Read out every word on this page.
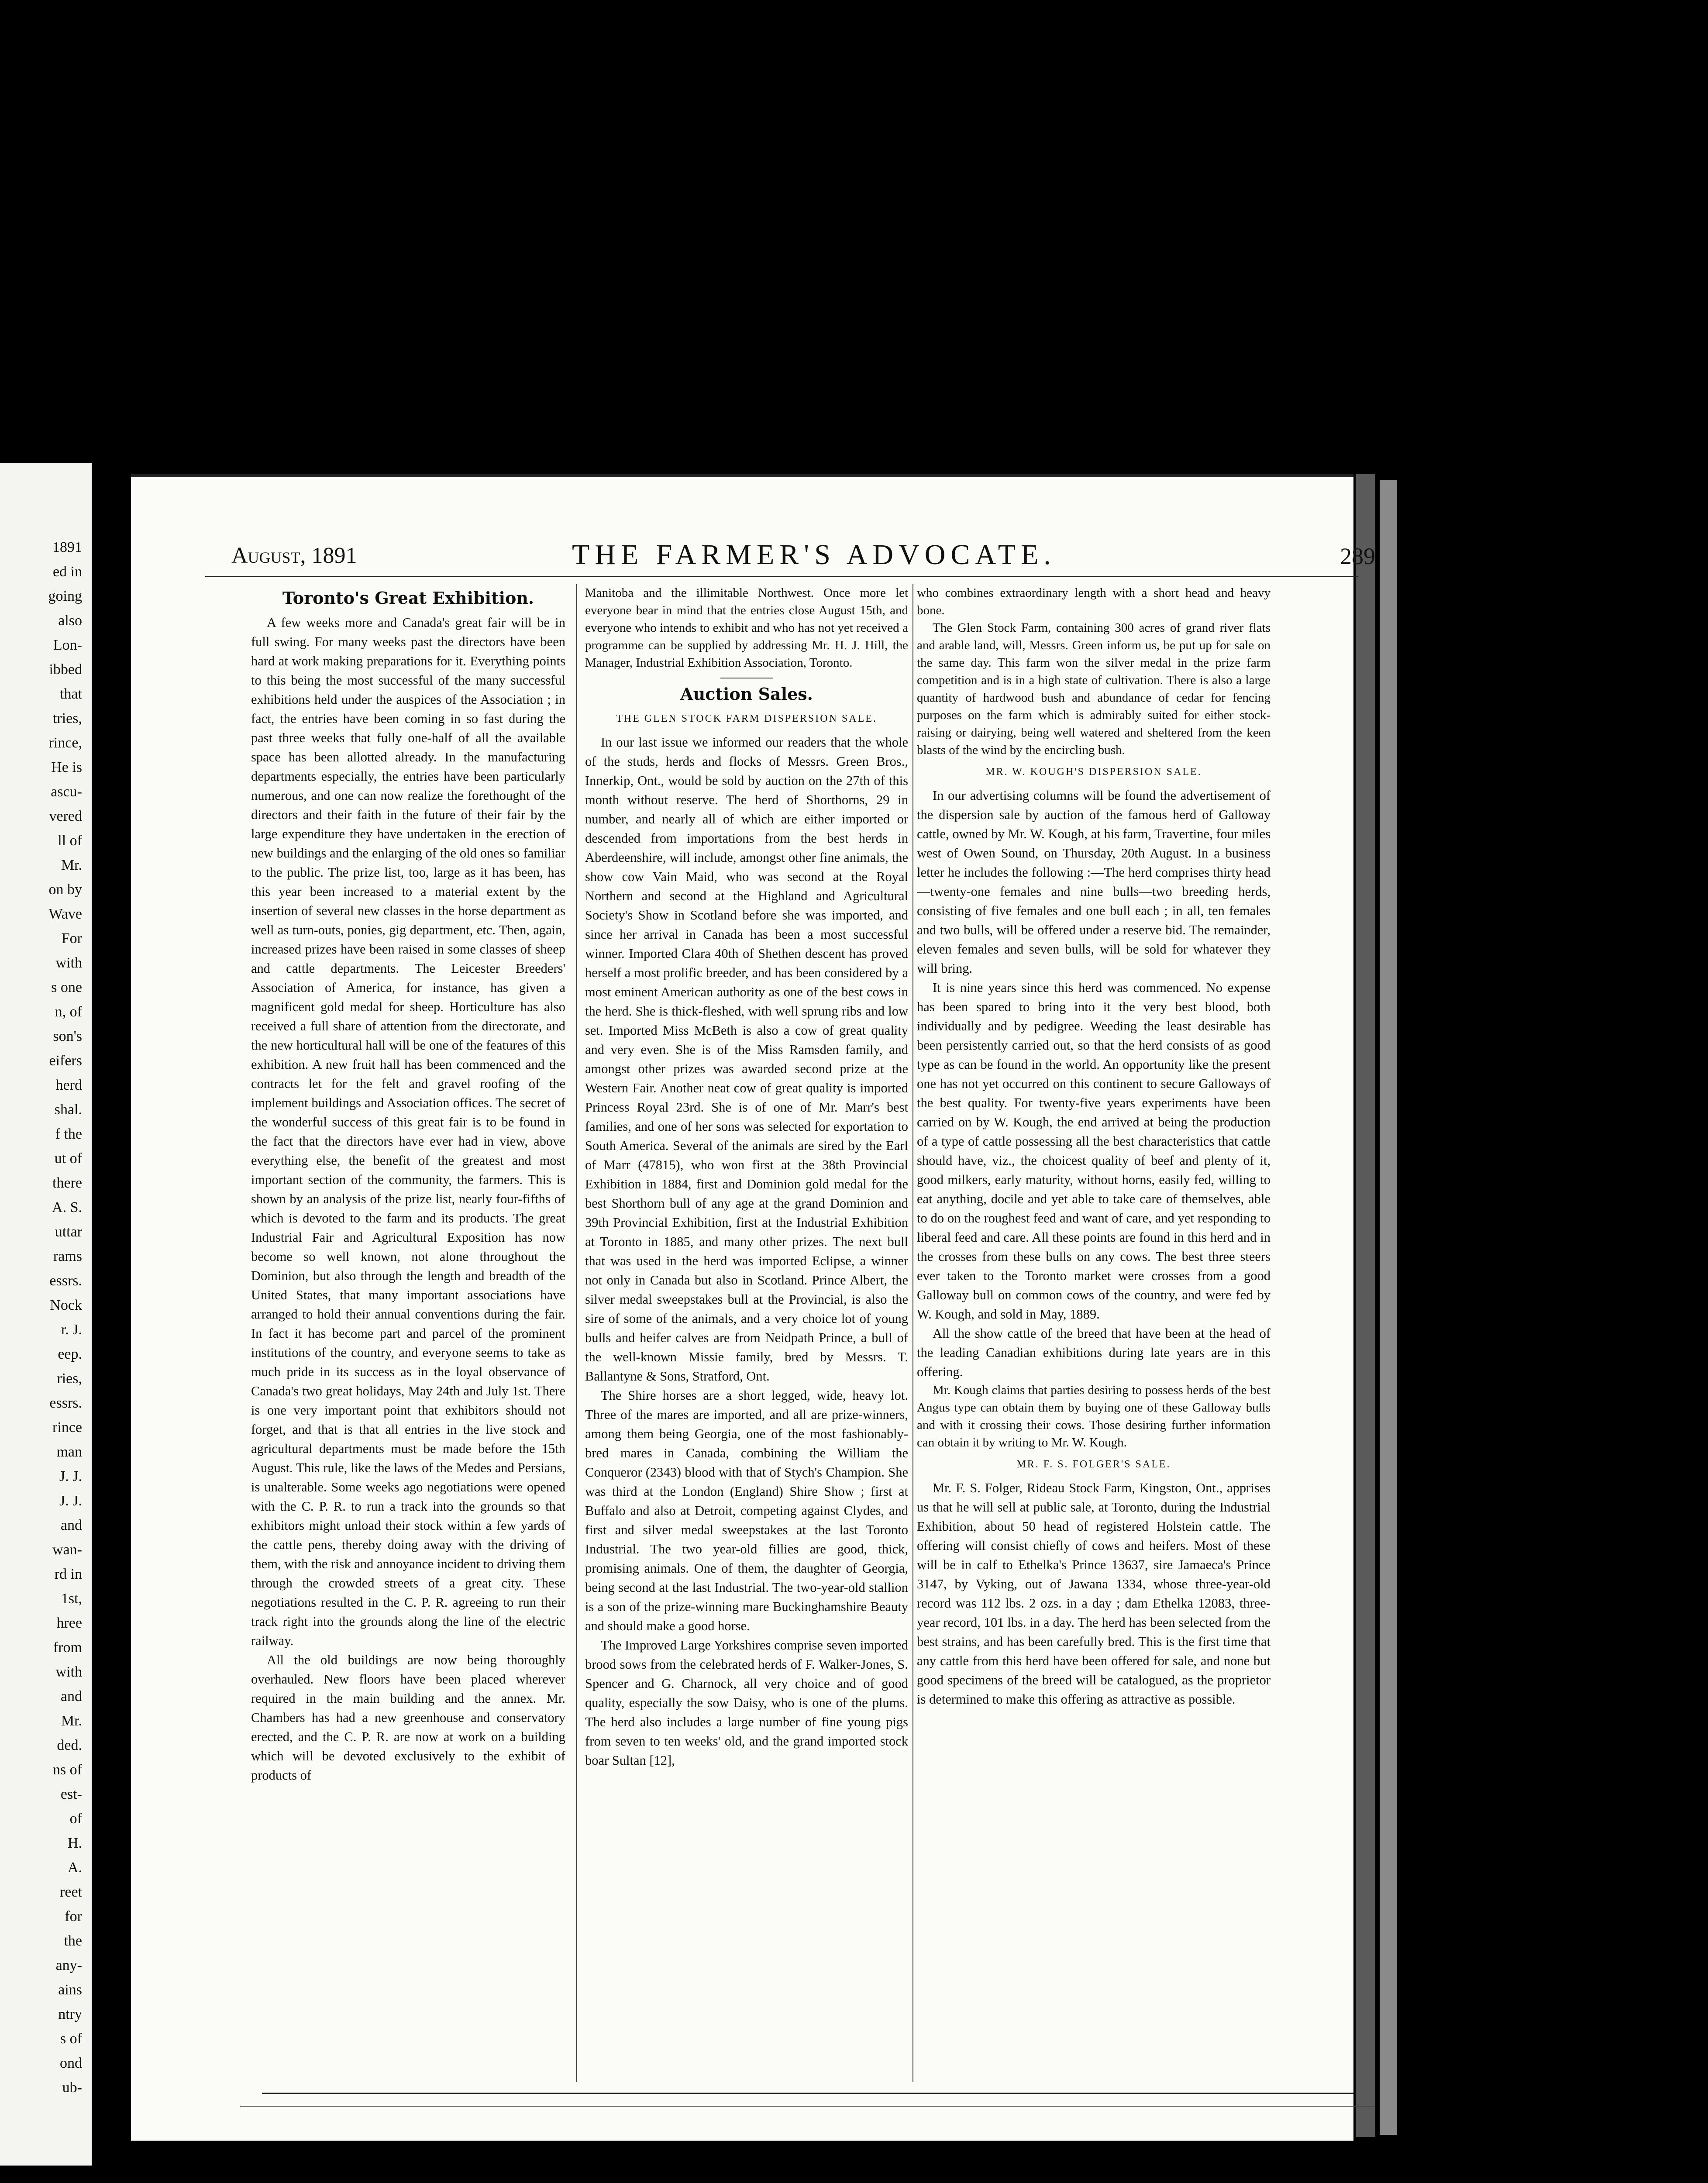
1891
ed in
going
also
Lon-
ibbed
that
tries,
rince,
He is
ascu-
vered
ll of
Mr.
on by
Wave
For
with
s one
n, of
son's
eifers
herd
shal.
f the
ut of
there
A. S.
uttar
rams
essrs.
Nock
r. J.
eep.
ries,
essrs.
rince
man
J. J.
J. J.
and
wan-
rd in
1st,
hree
from
with
and
Mr.
ded.
ns of
est-
of
H.
A.
reet
for
the
any-
ains
ntry
s of
ond
ub-
August, 1891	THE FARMER'S ADVOCATE.	289
Toronto's Great Exhibition.

A few weeks more and Canada's great fair will be in full swing. For many weeks past the directors have been hard at work making preparations for it. Everything points to this being the most successful of the many successful exhibitions held under the auspices of the Association ; in fact, the entries have been coming in so fast during the past three weeks that fully one-half of all the available space has been allotted already. In the manufacturing departments especially, the entries have been particularly numerous, and one can now realize the forethought of the directors and their faith in the future of their fair by the large expenditure they have undertaken in the erection of new buildings and the enlarging of the old ones so familiar to the public. The prize list, too, large as it has been, has this year been increased to a material extent by the insertion of several new classes in the horse department as well as turn-outs, ponies, gig department, etc. Then, again, increased prizes have been raised in some classes of sheep and cattle departments. The Leicester Breeders' Association of America, for instance, has given a magnificent gold medal for sheep. Horticulture has also received a full share of attention from the directorate, and the new horticultural hall will be one of the features of this exhibition. A new fruit hall has been commenced and the contracts let for the felt and gravel roofing of the implement buildings and Association offices. The secret of the wonderful success of this great fair is to be found in the fact that the directors have ever had in view, above everything else, the benefit of the greatest and most important section of the community, the farmers. This is shown by an analysis of the prize list, nearly four-fifths of which is devoted to the farm and its products. The great Industrial Fair and Agricultural Exposition has now become so well known, not alone throughout the Dominion, but also through the length and breadth of the United States, that many important associations have arranged to hold their annual conventions during the fair. In fact it has become part and parcel of the prominent institutions of the country, and everyone seems to take as much pride in its success as in the loyal observance of Canada's two great holidays, May 24th and July 1st. There is one very important point that exhibitors should not forget, and that is that all entries in the live stock and agricultural departments must be made before the 15th August. This rule, like the laws of the Medes and Persians, is unalterable. Some weeks ago negotiations were opened with the C. P. R. to run a track into the grounds so that exhibitors might unload their stock within a few yards of the cattle pens, thereby doing away with the driving of them, with the risk and annoyance incident to driving them through the crowded streets of a great city. These negotiations resulted in the C. P. R. agreeing to run their track right into the grounds along the line of the electric railway.

All the old buildings are now being thoroughly overhauled. New floors have been placed wherever required in the main building and the annex. Mr. Chambers has had a new greenhouse and conservatory erected, and the C. P. R. are now at work on a building which will be devoted exclusively to the exhibit of products of

Manitoba and the illimitable Northwest. Once more let everyone bear in mind that the entries close August 15th, and everyone who intends to exhibit and who has not yet received a programme can be supplied by addressing Mr. H. J. Hill, the Manager, Industrial Exhibition Association, Toronto.

Auction Sales.
THE GLEN STOCK FARM DISPERSION SALE.

In our last issue we informed our readers that the whole of the studs, herds and flocks of Messrs. Green Bros., Innerkip, Ont., would be sold by auction on the 27th of this month without reserve. The herd of Shorthorns, 29 in number, and nearly all of which are either imported or descended from importations from the best herds in Aberdeenshire, will include, amongst other fine animals, the show cow Vain Maid, who was second at the Royal Northern and second at the Highland and Agricultural Society's Show in Scotland before she was imported, and since her arrival in Canada has been a most successful winner. Imported Clara 40th of Shethen descent has proved herself a most prolific breeder, and has been considered by a most eminent American authority as one of the best cows in the herd. She is thick-fleshed, with well sprung ribs and low set. Imported Miss McBeth is also a cow of great quality and very even. She is of the Miss Ramsden family, and amongst other prizes was awarded second prize at the Western Fair. Another neat cow of great quality is imported Princess Royal 23rd. She is of one of Mr. Marr's best families, and one of her sons was selected for exportation to South America. Several of the animals are sired by the Earl of Marr (47815), who won first at the 38th Provincial Exhibition in 1884, first and Dominion gold medal for the best Shorthorn bull of any age at the grand Dominion and 39th Provincial Exhibition, first at the Industrial Exhibition at Toronto in 1885, and many other prizes. The next bull that was used in the herd was imported Eclipse, a winner not only in Canada but also in Scotland. Prince Albert, the silver medal sweepstakes bull at the Provincial, is also the sire of some of the animals, and a very choice lot of young bulls and heifer calves are from Neidpath Prince, a bull of the well-known Missie family, bred by Messrs. T. Ballantyne & Sons, Stratford, Ont.

The Shire horses are a short legged, wide, heavy lot. Three of the mares are imported, and all are prize-winners, among them being Georgia, one of the most fashionably-bred mares in Canada, combining the William the Conqueror (2343) blood with that of Stych's Champion. She was third at the London (England) Shire Show ; first at Buffalo and also at Detroit, competing against Clydes, and first and silver medal sweepstakes at the last Toronto Industrial. The two year-old fillies are good, thick, promising animals. One of them, the daughter of Georgia, being second at the last Industrial. The two-year-old stallion is a son of the prize-winning mare Buckinghamshire Beauty and should make a good horse.

The Improved Large Yorkshires comprise seven imported brood sows from the celebrated herds of F. Walker-Jones, S. Spencer and G. Charnock, all very choice and of good quality, especially the sow Daisy, who is one of the plums. The herd also includes a large number of fine young pigs from seven to ten weeks' old, and the grand imported stock boar Sultan [12],

who combines extraordinary length with a short head and heavy bone.

The Glen Stock Farm, containing 300 acres of grand river flats and arable land, will, Messrs. Green inform us, be put up for sale on the same day. This farm won the silver medal in the prize farm competition and is in a high state of cultivation. There is also a large quantity of hardwood bush and abundance of cedar for fencing purposes on the farm which is admirably suited for either stock-raising or dairying, being well watered and sheltered from the keen blasts of the wind by the encircling bush.

MR. W. KOUGH'S DISPERSION SALE.

In our advertising columns will be found the advertisement of the dispersion sale by auction of the famous herd of Galloway cattle, owned by Mr. W. Kough, at his farm, Travertine, four miles west of Owen Sound, on Thursday, 20th August. In a business letter he includes the following :—The herd comprises thirty head—twenty-one females and nine bulls—two breeding herds, consisting of five females and one bull each ; in all, ten females and two bulls, will be offered under a reserve bid. The remainder, eleven females and seven bulls, will be sold for whatever they will bring.

It is nine years since this herd was commenced. No expense has been spared to bring into it the very best blood, both individually and by pedigree. Weeding the least desirable has been persistently carried out, so that the herd consists of as good type as can be found in the world. An opportunity like the present one has not yet occurred on this continent to secure Galloways of the best quality. For twenty-five years experiments have been carried on by W. Kough, the end arrived at being the production of a type of cattle possessing all the best characteristics that cattle should have, viz., the choicest quality of beef and plenty of it, good milkers, early maturity, without horns, easily fed, willing to eat anything, docile and yet able to take care of themselves, able to do on the roughest feed and want of care, and yet responding to liberal feed and care. All these points are found in this herd and in the crosses from these bulls on any cows. The best three steers ever taken to the Toronto market were crosses from a good Galloway bull on common cows of the country, and were fed by W. Kough, and sold in May, 1889.

All the show cattle of the breed that have been at the head of the leading Canadian exhibitions during late years are in this offering.

Mr. Kough claims that parties desiring to possess herds of the best Angus type can obtain them by buying one of these Galloway bulls and with it crossing their cows. Those desiring further information can obtain it by writing to Mr. W. Kough.

MR. F. S. FOLGER'S SALE.

Mr. F. S. Folger, Rideau Stock Farm, Kingston, Ont., apprises us that he will sell at public sale, at Toronto, during the Industrial Exhibition, about 50 head of registered Holstein cattle. The offering will consist chiefly of cows and heifers. Most of these will be in calf to Ethelka's Prince 13637, sire Jamaeca's Prince 3147, by Vyking, out of Jawana 1334, whose three-year-old record was 112 lbs. 2 ozs. in a day ; dam Ethelka 12083, three-year record, 101 lbs. in a day. The herd has been selected from the best strains, and has been carefully bred. This is the first time that any cattle from this herd have been offered for sale, and none but good specimens of the breed will be catalogued, as the proprietor is determined to make this offering as attractive as possible.
